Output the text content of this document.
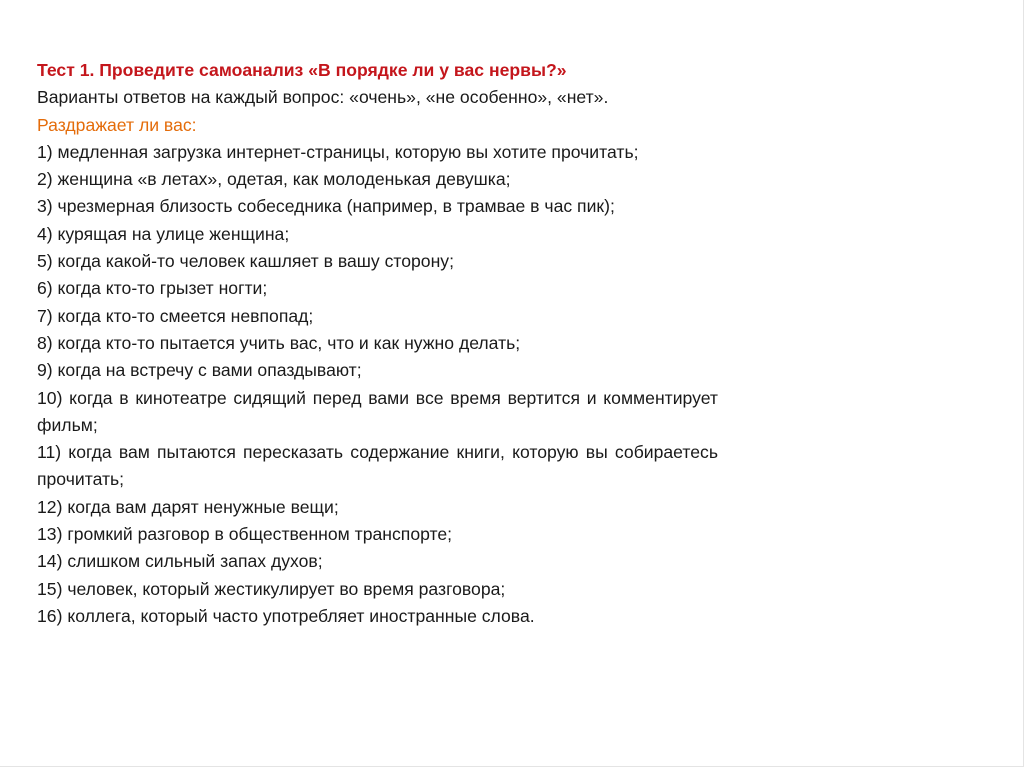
Тест 1. Проведите самоанализ «В порядке ли у вас нервы?»

Варианты ответов на каждый вопрос: «очень», «не особенно», «нет».

Раздражает ли вас:

1) медленная загрузка интернет-страницы, которую вы хотите прочитать;

2) женщина «в летах», одетая, как молоденькая девушка;

3) чрезмерная близость собеседника (например, в трамвае в час пик);

4) курящая на улице женщина;

5) когда какой-то человек кашляет в вашу сторону;

6) когда кто-то грызет ногти;

7) когда кто-то смеется невпопад;

8) когда кто-то пытается учить вас, что и как нужно делать;

9) когда на встречу с вами опаздывают;

10) когда в кинотеатре сидящий перед вами все время вертится и комментирует фильм;

11) когда вам пытаются пересказать содержание книги, которую вы собираетесь прочитать;

12) когда вам дарят ненужные вещи;

13) громкий разговор в общественном транспорте;

14) слишком сильный запах духов;

15) человек, который жестикулирует во время разговора;

16) коллега, который часто употребляет иностранные слова.
